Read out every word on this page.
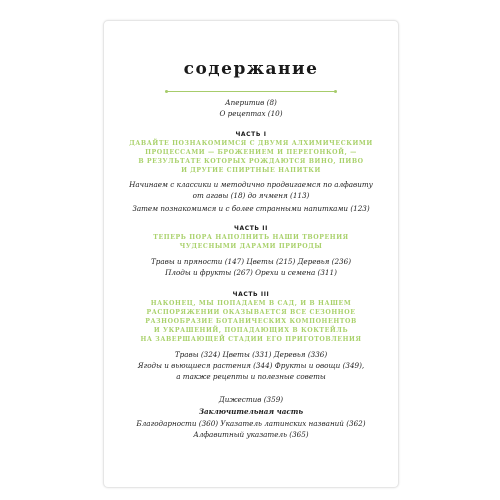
содержание
Аперитив (8)
О рецептах (10)
ЧАСТЬ I
ДАВАЙТЕ ПОЗНАКОМИМСЯ С ДВУМЯ АЛХИМИЧЕСКИМИ
ПРОЦЕССАМИ — БРОЖЕНИЕМ И ПЕРЕГОНКОЙ, —
В РЕЗУЛЬТАТЕ КОТОРЫХ РОЖДАЮТСЯ ВИНО, ПИВО
И ДРУГИЕ СПИРТНЫЕ НАПИТКИ
Начинаем с классики и методично продвигаемся по алфавиту
от агавы (18) до ячменя (113)
Затем познакомимся и с более странными напитками (123)
ЧАСТЬ II
ТЕПЕРЬ ПОРА НАПОЛНИТЬ НАШИ ТВОРЕНИЯ
ЧУДЕСНЫМИ ДАРАМИ ПРИРОДЫ
Травы и пряности (147) Цветы (215) Деревья (236)
Плоды и фрукты (267) Орехи и семена (311)
ЧАСТЬ III
НАКОНЕЦ, МЫ ПОПАДАЕМ В САД, И В НАШЕМ
РАСПОРЯЖЕНИИ ОКАЗЫВАЕТСЯ ВСЕ СЕЗОННОЕ
РАЗНООБРАЗИЕ БОТАНИЧЕСКИХ КОМПОНЕНТОВ
И УКРАШЕНИЙ, ПОПАДАЮЩИХ В КОКТЕЙЛЬ
НА ЗАВЕРШАЮЩЕЙ СТАДИИ ЕГО ПРИГОТОВЛЕНИЯ
Травы (324) Цветы (331) Деревья (336)
Ягоды и вьющиеся растения (344) Фрукты и овощи (349),
а также рецепты и полезные советы
Дижестив (359)
Заключительная часть
Благодарности (360) Указатель латинских названий (362)
Алфавитный указатель (365)
